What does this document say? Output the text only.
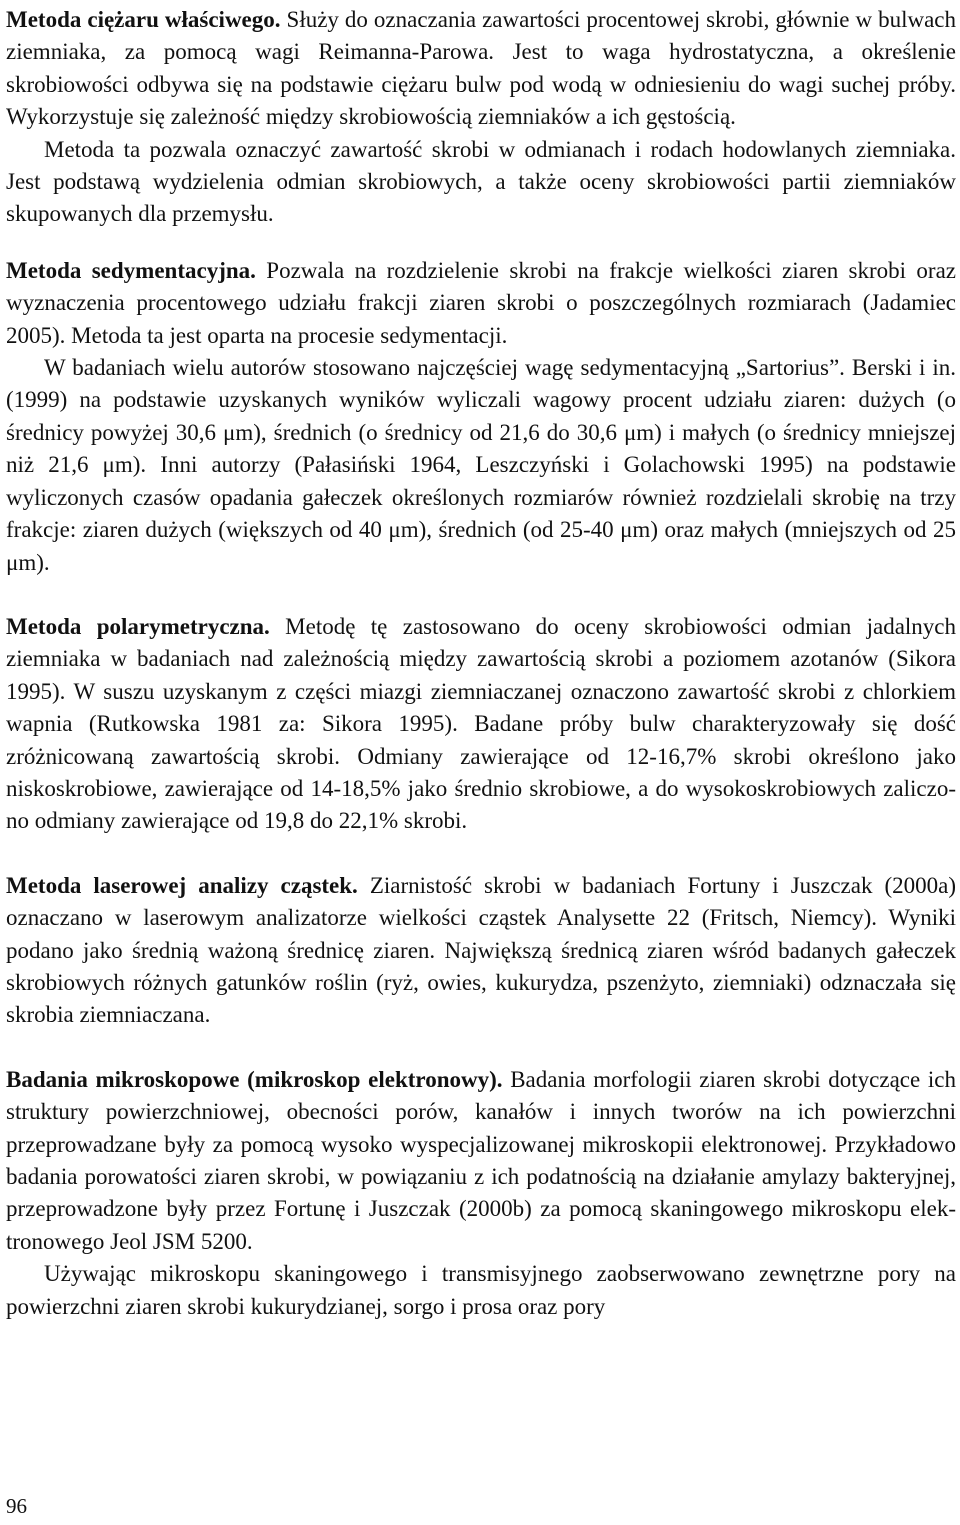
Metoda ciężaru właściwego. Służy do oznaczania zawartości procentowej skrobi, głównie w bulwach ziemniaka, za pomocą wagi Reimanna-Parowa. Jest to waga hydrostatyczna, a określenie skrobiowości odbywa się na podstawie ciężaru bulw pod wodą w odniesieniu do wagi suchej próby. Wykorzystuje się zależność między skrobiowością ziemniaków a ich gęstością.

Metoda ta pozwala oznaczyć zawartość skrobi w odmianach i rodach hodowlanych ziemniaka. Jest podstawą wydzielenia odmian skrobiowych, a także oceny skrobiowości partii ziemniaków skupowanych dla przemysłu.

Metoda sedymentacyjna. Pozwala na rozdzielenie skrobi na frakcje wielkości ziaren skrobi oraz wyznaczenia procentowego udziału frakcji ziaren skrobi o poszczególnych rozmiarach (Jadamiec 2005). Metoda ta jest oparta na procesie sedymentacji.

W badaniach wielu autorów stosowano najczęściej wagę sedymentacyjną „Sartorius”. Berski i in. (1999) na podstawie uzyskanych wyników wyliczali wagowy procent udziału ziaren: dużych (o średnicy powyżej 30,6 μm), średnich (o średnicy od 21,6 do 30,6 μm) i małych (o średnicy mniejszej niż 21,6 μm). Inni autorzy (Pałasiński 1964, Leszczyński i Golachowski 1995) na podstawie wyliczonych czasów opadania gałeczek określonych rozmiarów również rozdzielali skrobię na trzy frakcje: ziaren dużych (większych od 40 μm), średnich (od 25-40 μm) oraz małych (mniejszych od 25 μm).

Metoda polarymetryczna. Metodę tę zastosowano do oceny skrobiowości odmian jadalnych ziemniaka w badaniach nad zależnością między zawartością skrobi a poziomem azotanów (Sikora 1995). W suszu uzyskanym z części miazgi ziemniaczanej oznaczono zawartość skrobi z chlorkiem wapnia (Rutkowska 1981 za: Sikora 1995). Badane próby bulw charakteryzowały się dość zróżnicowaną zawartością skrobi. Odmiany zawierające od 12-16,7% skrobi określono jako niskoskrobiowe, zawierające od 14-18,5% jako średnio skrobiowe, a do wysokoskrobiowych zaliczono odmiany zawierające od 19,8 do 22,1% skrobi.

Metoda laserowej analizy cząstek. Ziarnistość skrobi w badaniach Fortuny i Juszczak (2000a) oznaczano w laserowym analizatorze wielkości cząstek Analysette 22 (Fritsch, Niemcy). Wyniki podano jako średnią ważoną średnicę ziaren. Największą średnicą ziaren wśród badanych gałeczek skrobiowych różnych gatunków roślin (ryż, owies, kukurydza, pszenżyto, ziemniaki) odznaczała się skrobia ziemniaczana.

Badania mikroskopowe (mikroskop elektronowy). Badania morfologii ziaren skrobi dotyczące ich struktury powierzchniowej, obecności porów, kanałów i innych tworów na ich powierzchni przeprowadzane były za pomocą wysoko wyspecjalizowanej mikroskopii elektronowej. Przykładowo badania porowatości ziaren skrobi, w powiązaniu z ich podatnością na działanie amylazy bakteryjnej, przeprowadzone były przez Fortunę i Juszczak (2000b) za pomocą skaningowego mikroskopu elektronowego Jeol JSM 5200.

Używając mikroskopu skaningowego i transmisyjnego zaobserwowano zewnętrzne pory na powierzchni ziaren skrobi kukurydzianej, sorgo i prosa oraz pory

96
